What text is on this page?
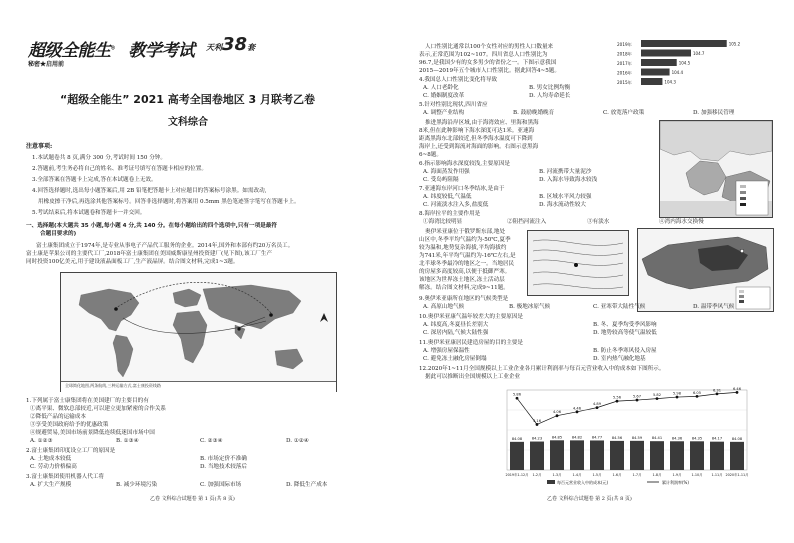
超级全能生® 教学考试 天利38套
秘密★启用前
“超级全能生” 2021 高考全国卷地区 3 月联考乙卷
文科综合
注意事项:
1.本试题卷共 8 页,满分 300 分,考试时间 150 分钟。
2.答题前,考生务必将自己的姓名、准考证号填写在答题卡相应的位置。
3.全部答案在答题卡上完成,答在本试题卷上无效。
4.回答选择题时,选出每小题答案后,用 2B 铅笔把答题卡上对应题目的答案标号涂黑。如需改动,
用橡皮擦干净后,再选涂其他答案标号。回答非选择题时,将答案用 0.5mm 黑色笔迹签字笔写在答题卡上。
5.考试结束后,将本试题卷和答题卡一并交回。
一、选择题(本大题共 35 小题,每小题 4 分,共 140 分。在每小题给出的四个选项中,只有一项是最符
合题目要求的)
富士康集团成立于1974年,是专业从事电子产品代工服务的企业。2014年,国外和本部有约20万名员工。
富士康是苹果公司的主要代工厂,2018年富士康集团在美国威斯康星州投资建厂(见下图),该工厂生产
同时投资100亿美元,用于建设液晶面板工厂,生产液晶屏。结合图文材料,完成1~3题。
全球简化地图,两条航线,三种运输方式,富士康投资线路
1.下列属于富士康集团将在美国建厂的主要目的有
①离平果、微软总部较近,可以建立更加紧密的合作关系
②降低产品的运输成本
③享受美国政府给予的优惠政策
④规避贸易,美国市场前景降低连续低迷国市场中国
A. ①②③	B. ①③④	C. ②③④	D. ①②④
2.富士康集团印度设立工厂的原因是
A. 土地成本较低	B. 市场定价不准确
C. 劳动力价格偏高	D. 当地技术较落后
3.富士康集团使用机器人代工将
A. 扩大生产规模	B. 减少环境污染	C. 加强国际市场	D. 降低生产成本
乙卷 文科综合试题卷 第 1 页(共 8 页)
人口性别比通常以100个女性对应的男性人口数量来
表示,正常范围为102~107。四川省总人口性别比为
96.7,是我国少有的女多男少的省份之一。下图示意我国
2015—2019年五个城市人口性别比。据此回答4~5题。
2019年	105.2
2018年	104.7
2017年	104.5
2016年	104.4
2015年	104.3
4.我国总人口性别比变化将导致
A. 人口老龄化	B. 男女比例均衡
C. 婚姻制度改革	D. 人均寿命延长
5.针对性别比现状,四川省应
A. 调整产业结构	B. 鼓励晚婚晚育	C. 放宽落户政策	D. 加强移民管理
推进黑海沿岸区域,由于海湾效应、里海和黑海
8米,但在此种影响下海水深度可达1米。亚速海
距离黑海东北部较近,但冬季海水温度可下降到
海岸上,还受到海流对海面的影响。右图示意黑海
6~8题。
6.指示影响海水深度较浅,主要原因是
A. 海面蒸发作用强	B. 河流携带大量泥沙
C. 受岛屿阻隔	D. 入海水导致海水较浅
7.亚速海东岸河口冬季结冰,是由于
A. 纬度较低,气温低	B. 区域水平风力较强
C. 河流淡水注入多,盐度低	D. 海水流动性较大
8.海岸拉平的主要作用是
①海湾比较明显	②阻挡河流注入	③有淡水	④湾内海水交换慢
奥伊米亚康位于俄罗斯东部,地处
山区中,冬季平均气温约为-50℃,夏季
较为温和,地势复杂海拔,平均海拔约
为741米,年平均气温约为-16℃左右,是
北半球冬季最冷的地区之一。当地居民
的房屋多高度较高,以便于抵御严寒。
该地区为世界冻土地区,冻土活动层
解冻。结合图文材料,完成9~11题。
9.奥伊米亚康所在地区的气候类型是
A. 高原山地气候	B. 极地冰原气候	C. 亚寒带大陆性气候	D. 温带季风气候
10.奥伊米亚康气温年较差大的主要原因是
A. 纬度高,冬夏昼长差别大	B. 冬、夏季均受季风影响
C. 深居内陆,气候大陆性强	D. 地势较高等使气温较低
11.奥伊米亚康居民建造房屋的目的主要是
A. 增强房屋保温性	B. 防止冬季寒风侵入房屋
C. 避免冻土融化房屋倒塌	D. 室内热气融化地基
12.2020年1~11月全国规模以上工业企业各月累计利润率与每百元营业收入中的成本如下图所示。
据此可以推断出全国规模以上工业企业
84.08
5.86
2019年1-12月
84.23
3.16
1-2月
84.85
4.06
1-3月
84.82
4.46
1-4月
84.77
4.89
1-5月
84.56
5.56
1-6月
84.59
5.67
1-7月
84.41
5.82
1-8月
84.36
5.98
1-9月
84.35
6.05
1-10月
84.17
6.31
1-11月
84.08
6.46
2020年1-11月
每百元营业收入中的成本(元)	累计利润率(%)
乙卷 文科综合试题卷 第 2 页(共 8 页)
